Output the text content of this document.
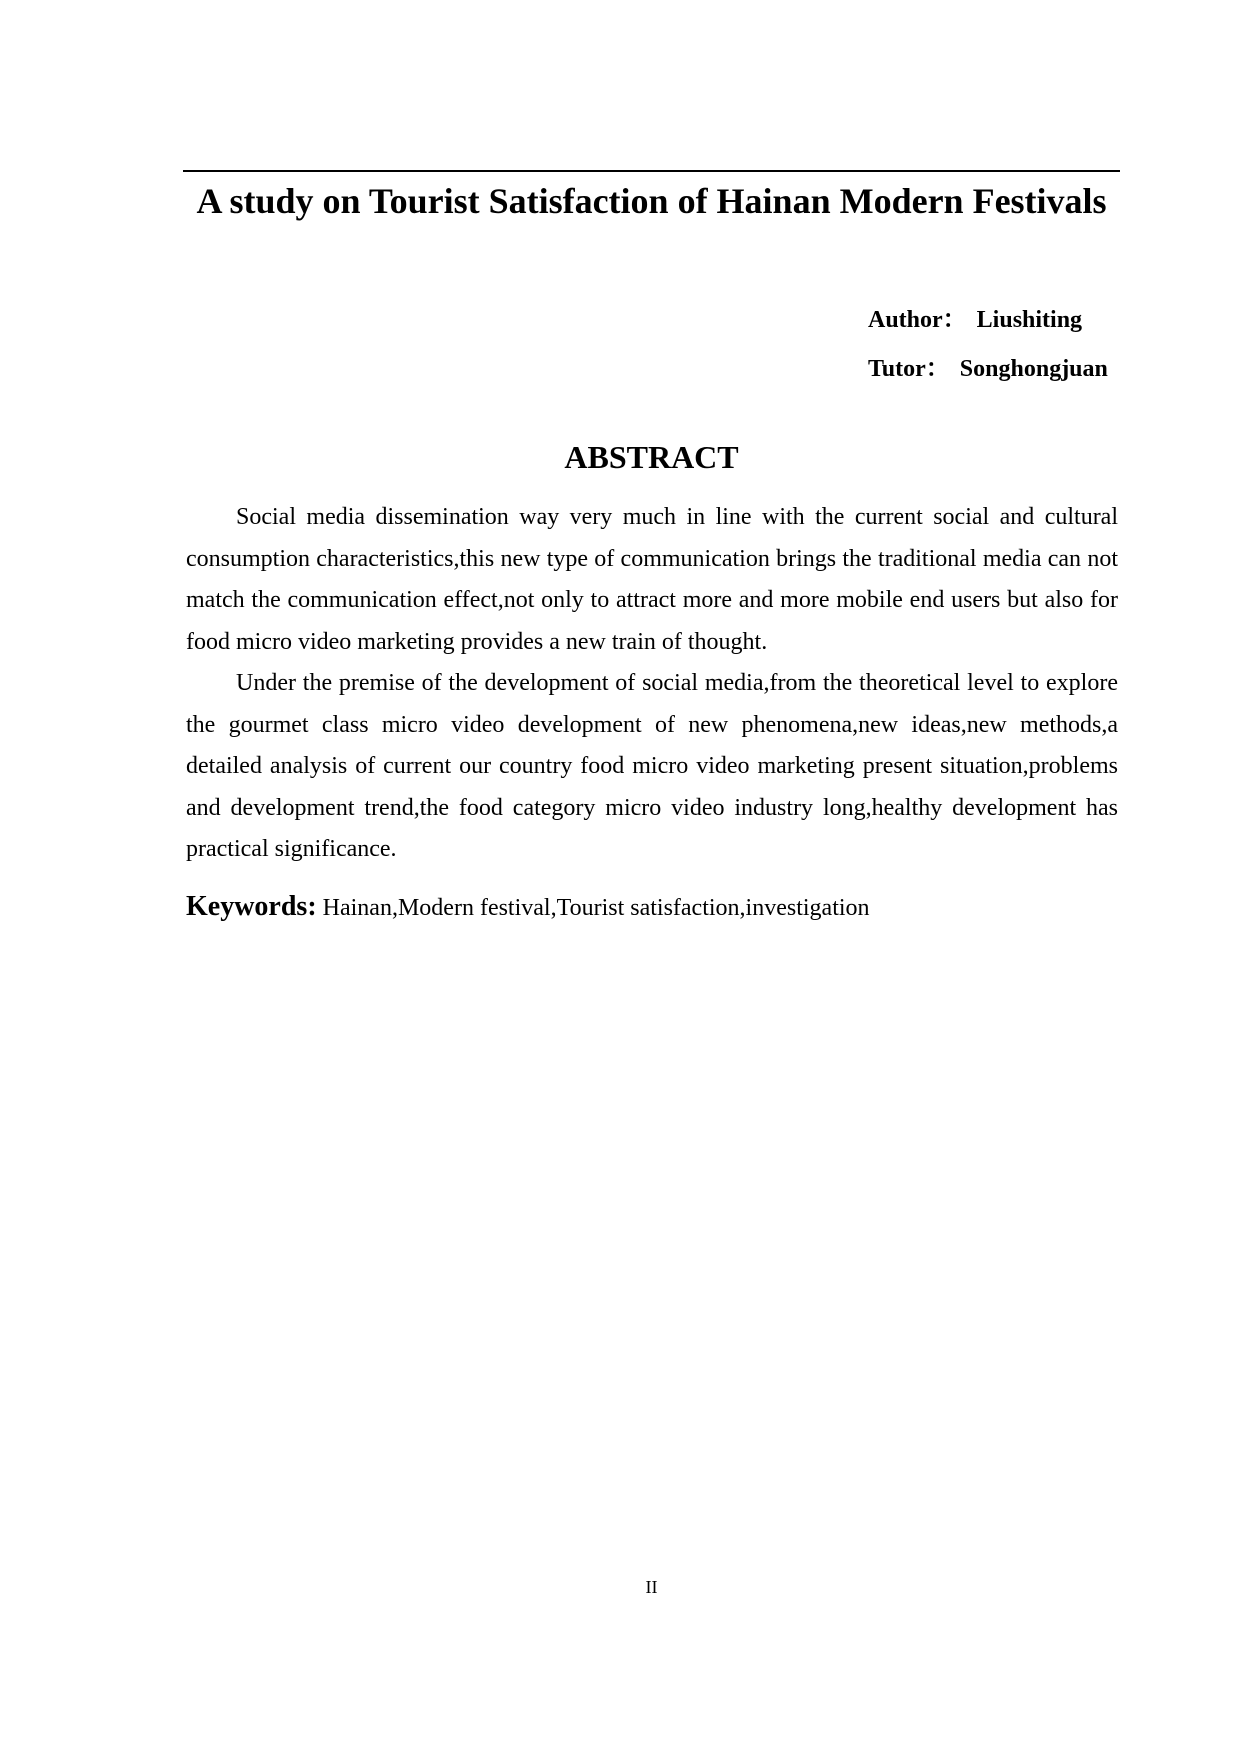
A study on Tourist Satisfaction of Hainan Modern Festivals
Author： Liushiting
Tutor： Songhongjuan
ABSTRACT

Social media dissemination way very much in line with the current social and cultural consumption characteristics,this new type of communication brings the traditional media can not match the communication effect,not only to attract more and more mobile end users but also for food micro video marketing provides a new train of thought.

Under the premise of the development of social media,from the theoretical level to explore the gourmet class micro video development of new phenomena,new ideas,new methods,a detailed analysis of current our country food micro video marketing present situation,problems and development trend,the food category micro video industry long,healthy development has practical significance.

Keywords: Hainan,Modern festival,Tourist satisfaction,investigation
II
